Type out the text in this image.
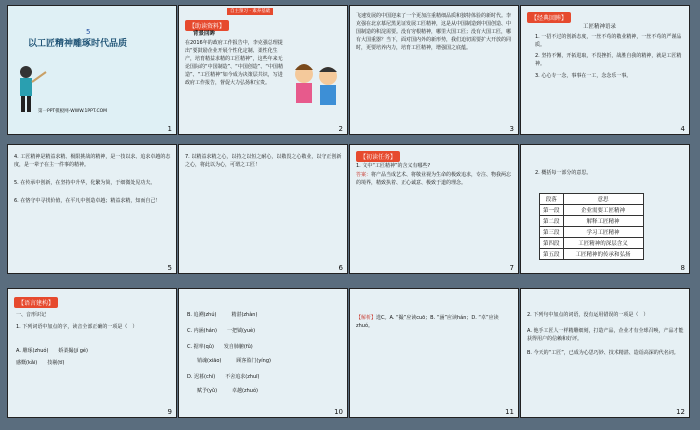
5
以工匠精神雕琢时代品质
第一PPT模板网-WWW.1PPT.COM
1
自主预习 · 素养基础
【助读资料】
背景回眸
在2016年的政府工作报告中，李克强总理提出“要鼓励企业开展个性化定制、柔性化生产，培育精益求精的工匠精神”，这些年来无论国际的“中国制造”、“中国创造”、“中国精造”、“工匠精神”如今成为决策层共识，写进政府工作报告，督促大力弘扬和宝贵。
2
飞速发展的中国迎来了一个更加注重精细品质和独特体验的新时代。李克强在北京慕尼黑见证发展工匠精神，这是从中国制造到中国创造、中国制造的积淀需要。没有穷根精神，哪里大国工匠；没有大国工匠，哪有大国重器？当下，面对国内外的新形势，我们迫切需要扩大开放的同时，更要培养内力，培育工匠精神，增强国之底蕴。
3
【经典回眸】
工匠精神语录
1. 一招不过的创新态度，一丝不苟的敬业精神，一丝不苟的严谨品质。
2. 坚持不懈，开拓进取，不畏挫折，战胜自我的精神，就是工匠精神。
3. 心心专一念，事事在一工，念念乐一事。
4
4. 工匠精神是精益求精、极限挑战的精神，是一技以求、追求卓越的态度，是一辈子在主一件事的精神。
5. 在传承中创新，在坚持中升华，化繁为简，于细微处见功夫。
6. 在恪守中寻找价值，在平凡中创造卓越；精益求精，知而自己！
5
7. 以精益求精之心，以持之以恒之耐心，以敬畏之心敬业，以守正创新之心，将此以为心，可谓之工匠！
6
【初读任务】
1. 文中“工匠精神”的含义有哪些?
答案：将产品当成艺术、将敬业视为生命的极致追求，专注、物我两忘的境界，精致执着、正心诚意、极致于道的理念。
7
2. 概括每一部分的意思。
段落	意思
第一段	企业需要工匠精神
第二段	解释工匠精神
第三段	学习工匠精神
第四段	工匠精神的深层含义
第五段	工匠精神的传承和弘扬
8
【语言建构】
一、音形识记
1. 下列词语中加点的字，读音全部正确的一项是（　）
A. 雕琢(zhuó)　　娇柔撮(jí gé)
感慨(kǎi)　　技剔(tī)
9
B. 追溯(zhú)　　　精湛(zhàn)
C. 内涵(hán)　　一把钺(yuè)
C. 据率(qǔ)　　发自肺腑(fǔ)
　　销魂(xiāo)　　　顾客盈门(yíng)
D. 迟暮(chí)　　不舍追求(zhuī)
　　赋予(yǔ)　　　卓越(zhuó)
10
【解析】选C。A. “撮”应读cuō；B. “涵”应读hán；D. “卓”应读zhuó。
11
2. 下列句中加点的词语，没有运用错误的一项是（　）
A. 他手工匠人一样精雕细刻，打造产品，企业才有全球召唤，产品才能获得用户的信赖和好评。
B. 今天的“工匠”，已成为心思巧妙、技术精湛、造诣高深的代名词。
12
